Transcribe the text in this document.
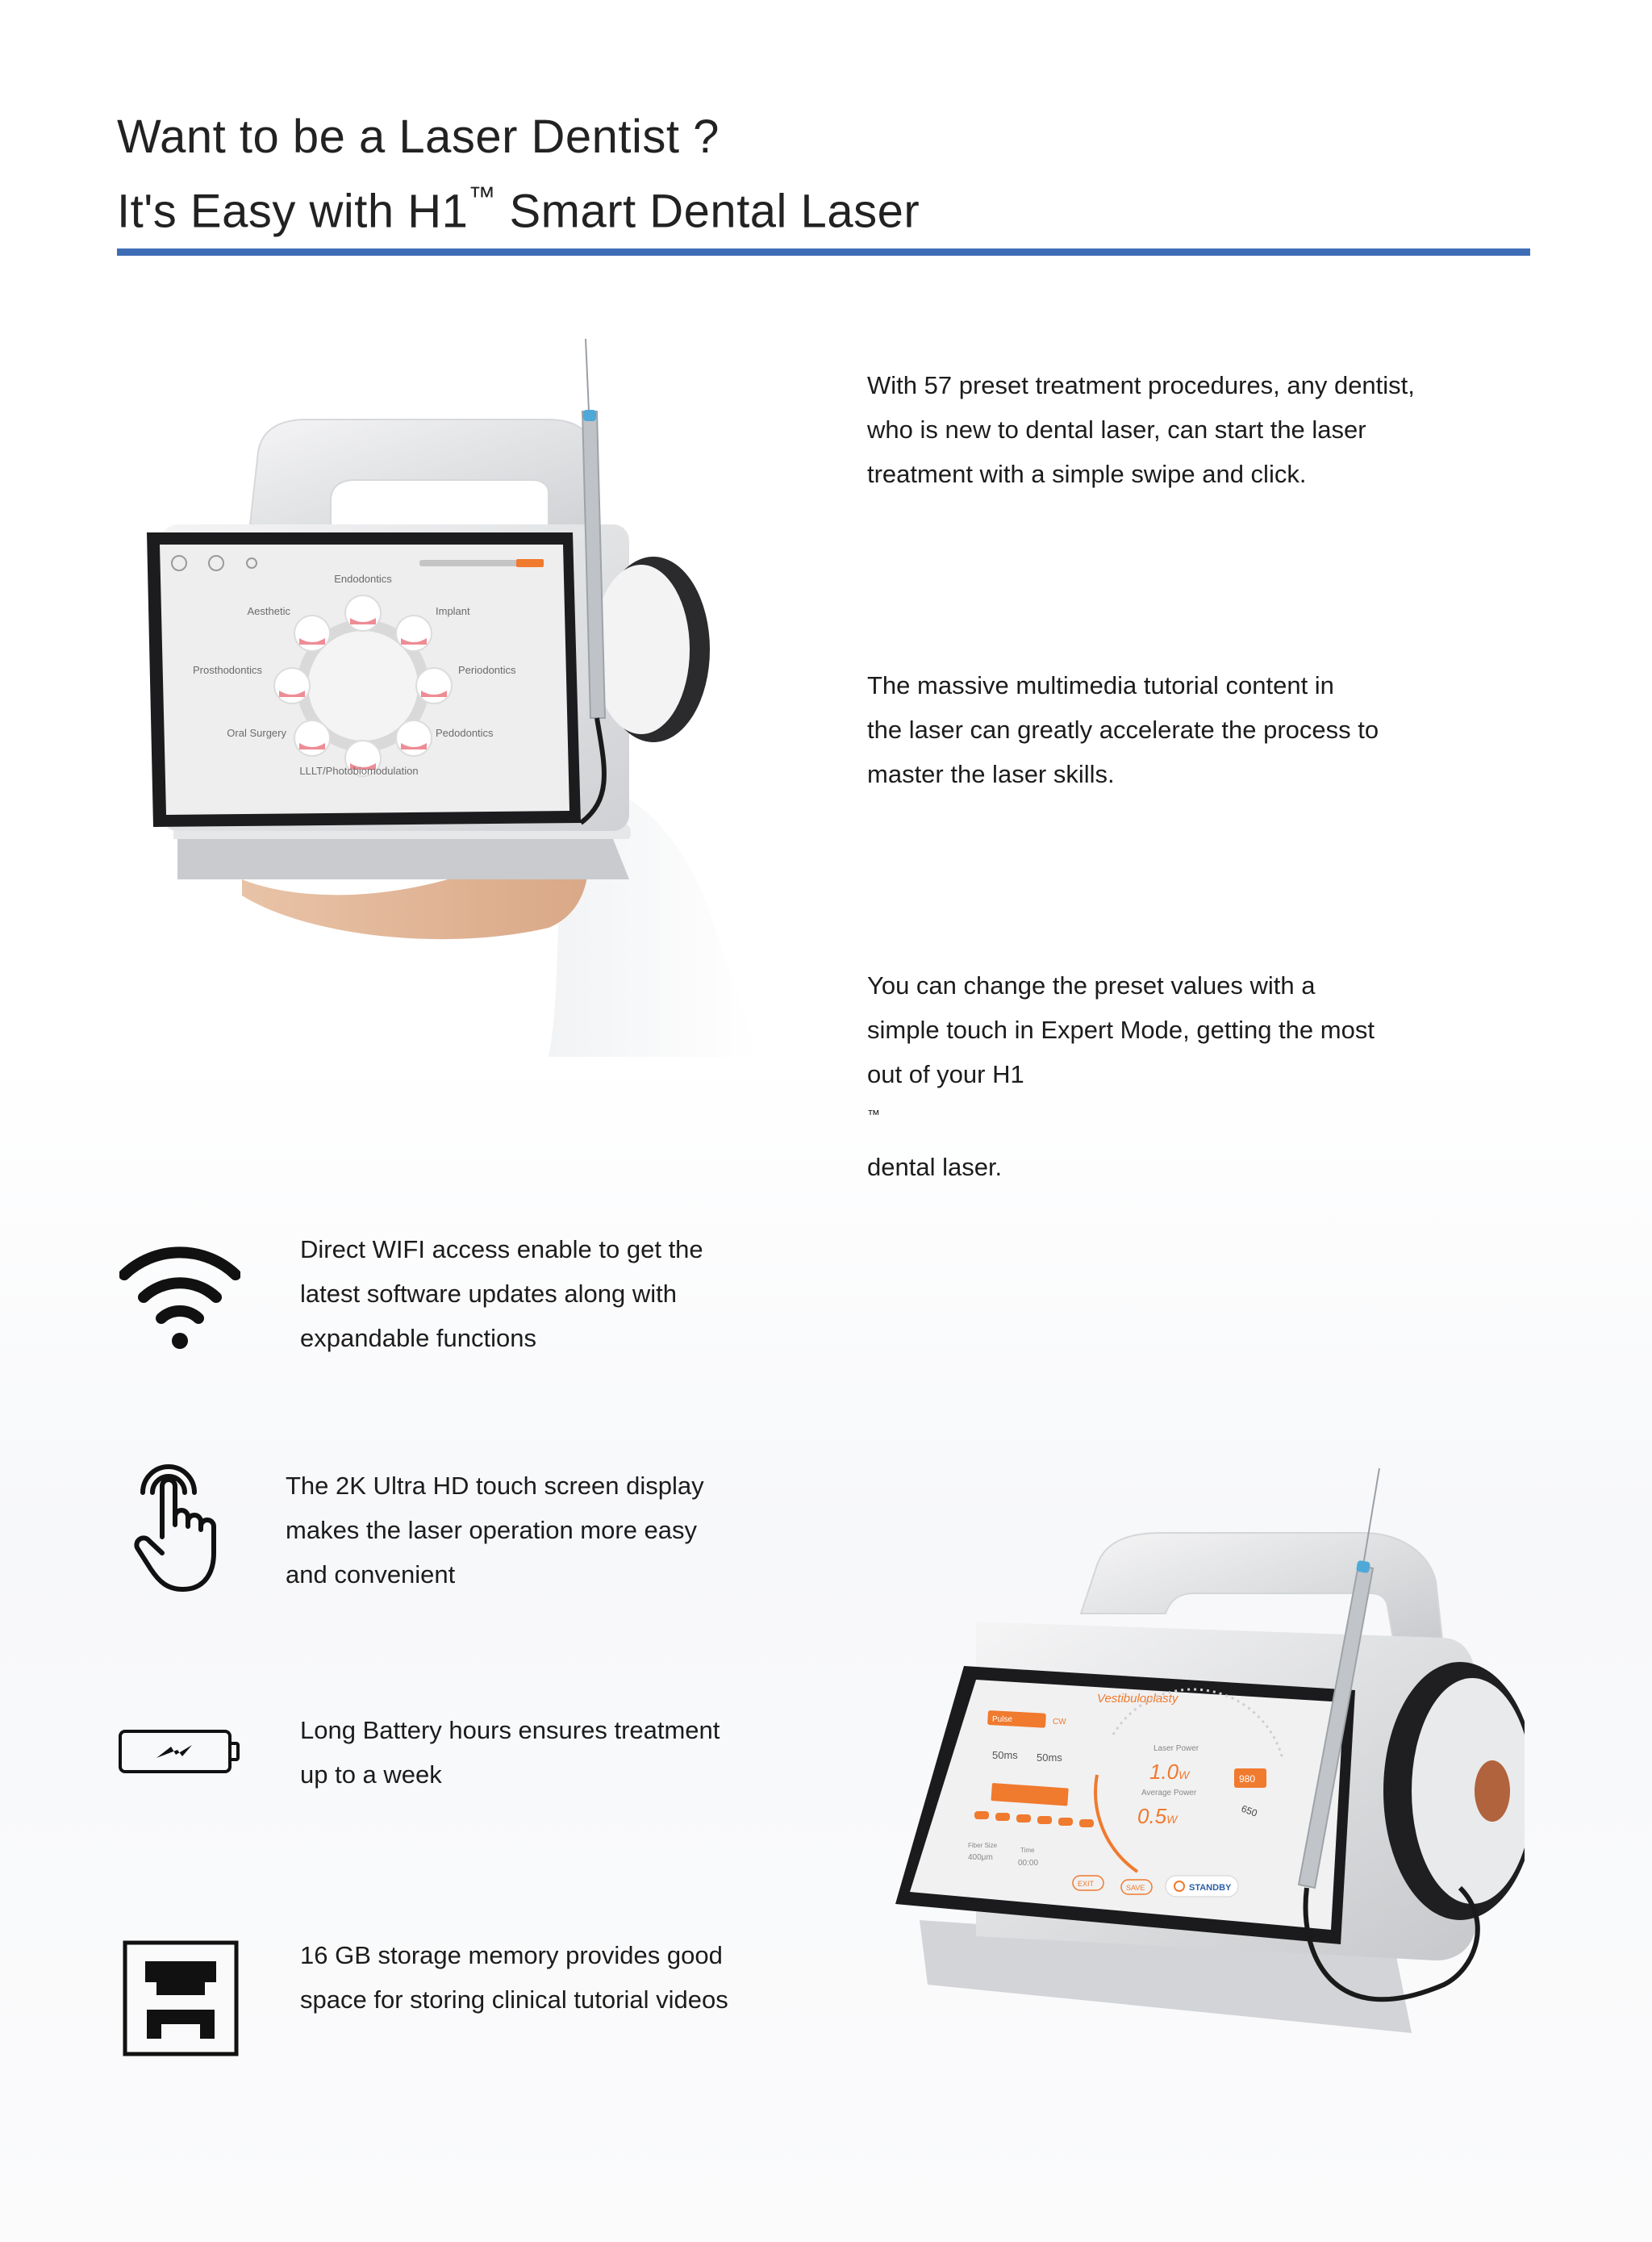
Want to be a Laser Dentist ?
It's Easy with H1™ Smart Dental Laser
Endodontics
Aesthetic	Implant
Prosthodontics	Periodontics
Oral Surgery	Pedodontics
LLLT/Photobiomodulation

With 57 preset treatment procedures, any dentist,
who is new to dental laser, can start the laser
treatment with a simple swipe and click.

The massive multimedia tutorial content in
the laser can greatly accelerate the process to
master the laser skills.

You can change the preset values with a
simple touch in Expert Mode, getting the most
out of your H1
™
dental laser.

Direct WIFI access enable to get the
latest software updates along with
expandable functions

The 2K Ultra HD touch screen display
makes the laser operation more easy
and convenient

Long Battery hours ensures treatment
up to a week

16 GB storage memory provides good
space for storing clinical tutorial videos

Vestibuloplasty
Pulse	CW
50ms 50ms
Fiber Size
400μm
Time
00:00
Laser Power
1.0W
Average Power
0.5W
980
650
EXIT	SAVE	STANDBY
